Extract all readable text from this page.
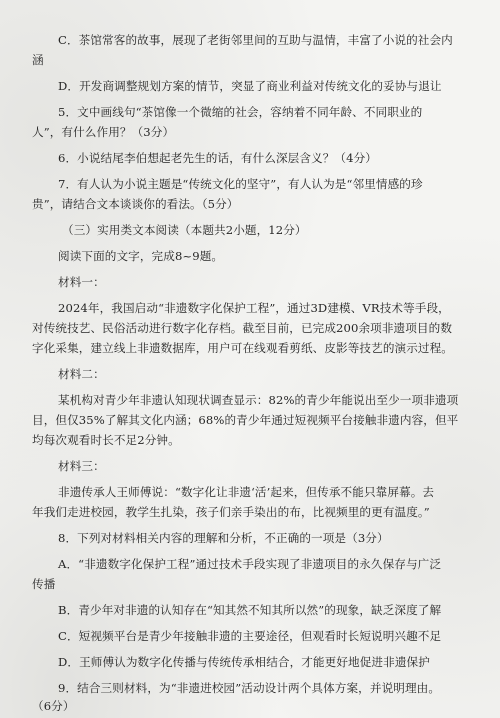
C．茶馆常客的故事，展现了老街邻里间的互助与温情，丰富了小说的社会内
涵
D．开发商调整规划方案的情节，突显了商业利益对传统文化的妥协与退让
5．文中画线句“茶馆像一个微缩的社会，容纳着不同年龄、不同职业的
人”，有什么作用？（3分）
6．小说结尾李伯想起老先生的话，有什么深层含义？（4分）
7．有人认为小说主题是“传统文化的坚守”，有人认为是“邻里情感的珍
贵”，请结合文本谈谈你的看法。（5分）
（三）实用类文本阅读（本题共2小题，12分）
阅读下面的文字，完成8~9题。
材料一：
2024年，我国启动“非遗数字化保护工程”，通过3D建模、VR技术等手段，
对传统技艺、民俗活动进行数字化存档。截至目前，已完成200余项非遗项目的数
字化采集，建立线上非遗数据库，用户可在线观看剪纸、皮影等技艺的演示过程。
材料二：
某机构对青少年非遗认知现状调查显示：82%的青少年能说出至少一项非遗项
目，但仅35%了解其文化内涵；68%的青少年通过短视频平台接触非遗内容，但平
均每次观看时长不足2分钟。
材料三：
非遗传承人王师傅说：“数字化让非遗‘活’起来，但传承不能只靠屏幕。去
年我们走进校园，教学生扎染，孩子们亲手染出的布，比视频里的更有温度。”
8．下列对材料相关内容的理解和分析，不正确的一项是（3分）
A．“非遗数字化保护工程”通过技术手段实现了非遗项目的永久保存与广泛
传播
B．青少年对非遗的认知存在“知其然不知其所以然”的现象，缺乏深度了解
C．短视频平台是青少年接触非遗的主要途径，但观看时长短说明兴趣不足
D．王师傅认为数字化传播与传统传承相结合，才能更好地促进非遗保护
9．结合三则材料，为“非遗进校园”活动设计两个具体方案，并说明理由。
（6分）
